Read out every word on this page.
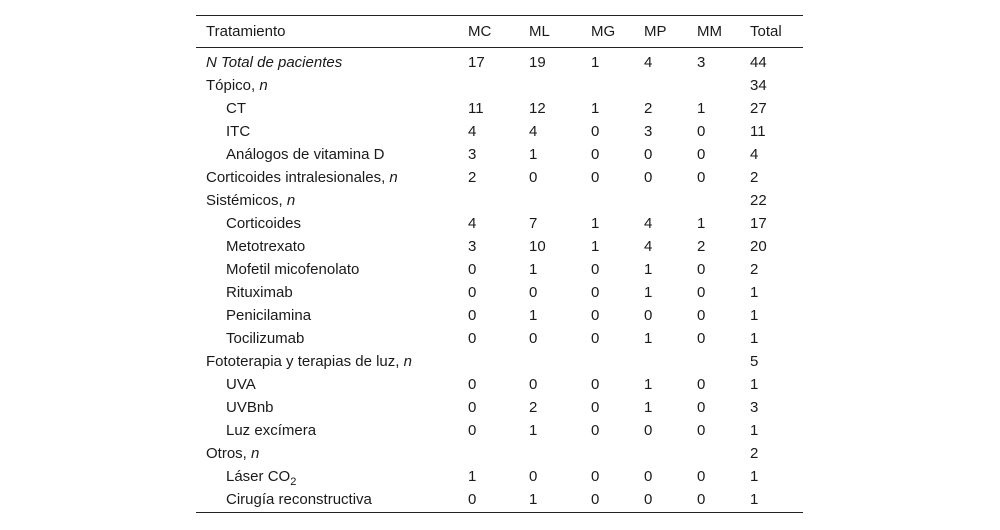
Tratamiento	MC	ML	MG	MP	MM	Total
N Total de pacientes	17	19	1	4	3	44
Tópico, n						34
CT	11	12	1	2	1	27
ITC	4	4	0	3	0	11
Análogos de vitamina D	3	1	0	0	0	4
Corticoides intralesionales, n	2	0	0	0	0	2
Sistémicos, n						22
Corticoides	4	7	1	4	1	17
Metotrexato	3	10	1	4	2	20
Mofetil micofenolato	0	1	0	1	0	2
Rituximab	0	0	0	1	0	1
Penicilamina	0	1	0	0	0	1
Tocilizumab	0	0	0	1	0	1
Fototerapia y terapias de luz, n						5
UVA	0	0	0	1	0	1
UVBnb	0	2	0	1	0	3
Luz excímera	0	1	0	0	0	1
Otros, n						2
Láser $CO_2$	1	0	0	0	0	1
Cirugía reconstructiva	0	1	0	0	0	1
